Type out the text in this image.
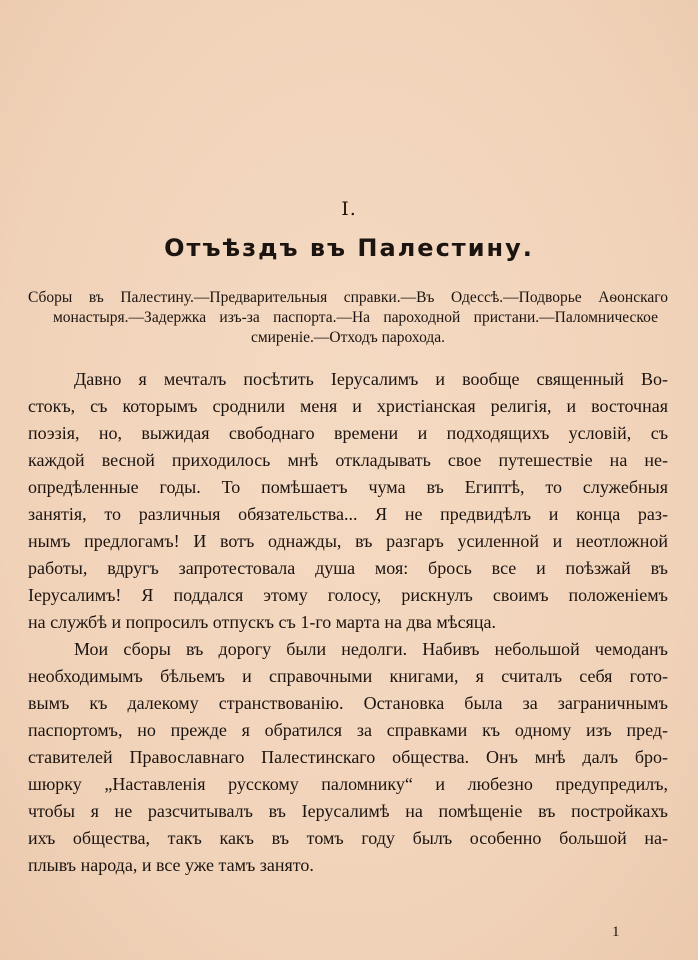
I.
Отъѣздъ въ Палестину.
Сборы въ Палестину.—Предварительныя справки.—Въ Одессѣ.—Подворье Аѳонскаго
монастыря.—Задержка изъ-за паспорта.—На пароходной пристани.—Паломническое
смиреніе.—Отходъ парохода.
Давно я мечталъ посѣтить Іерусалимъ и вообще священный Во-
стокъ, съ которымъ сроднили меня и христіанская религія, и восточная
поэзія, но, выжидая свободнаго времени и подходящихъ условій, съ
каждой весной приходилось мнѣ откладывать свое путешествіе на не-
опредѣленные годы. То помѣшаетъ чума въ Египтѣ, то служебныя
занятія, то различныя обязательства... Я не предвидѣлъ и конца раз-
нымъ предлогамъ! И вотъ однажды, въ разгаръ усиленной и неотложной
работы, вдругъ запротестовала душа моя: брось все и поѣзжай въ
Іерусалимъ! Я поддался этому голосу, рискнулъ своимъ положеніемъ
на службѣ и попросилъ отпускъ съ 1-го марта на два мѣсяца.
Мои сборы въ дорогу были недолги. Набивъ небольшой чемоданъ
необходимымъ бѣльемъ и справочными книгами, я считалъ себя гото-
вымъ къ далекому странствованію. Остановка была за заграничнымъ
паспортомъ, но прежде я обратился за справками къ одному изъ пред-
ставителей Православнаго Палестинскаго общества. Онъ мнѣ далъ бро-
шюрку „Наставленія русскому паломнику“ и любезно предупредилъ,
чтобы я не разсчитывалъ въ Іерусалимѣ на помѣщеніе въ постройкахъ
ихъ общества, такъ какъ въ томъ году былъ особенно большой на-
плывъ народа, и все уже тамъ занято.
1
